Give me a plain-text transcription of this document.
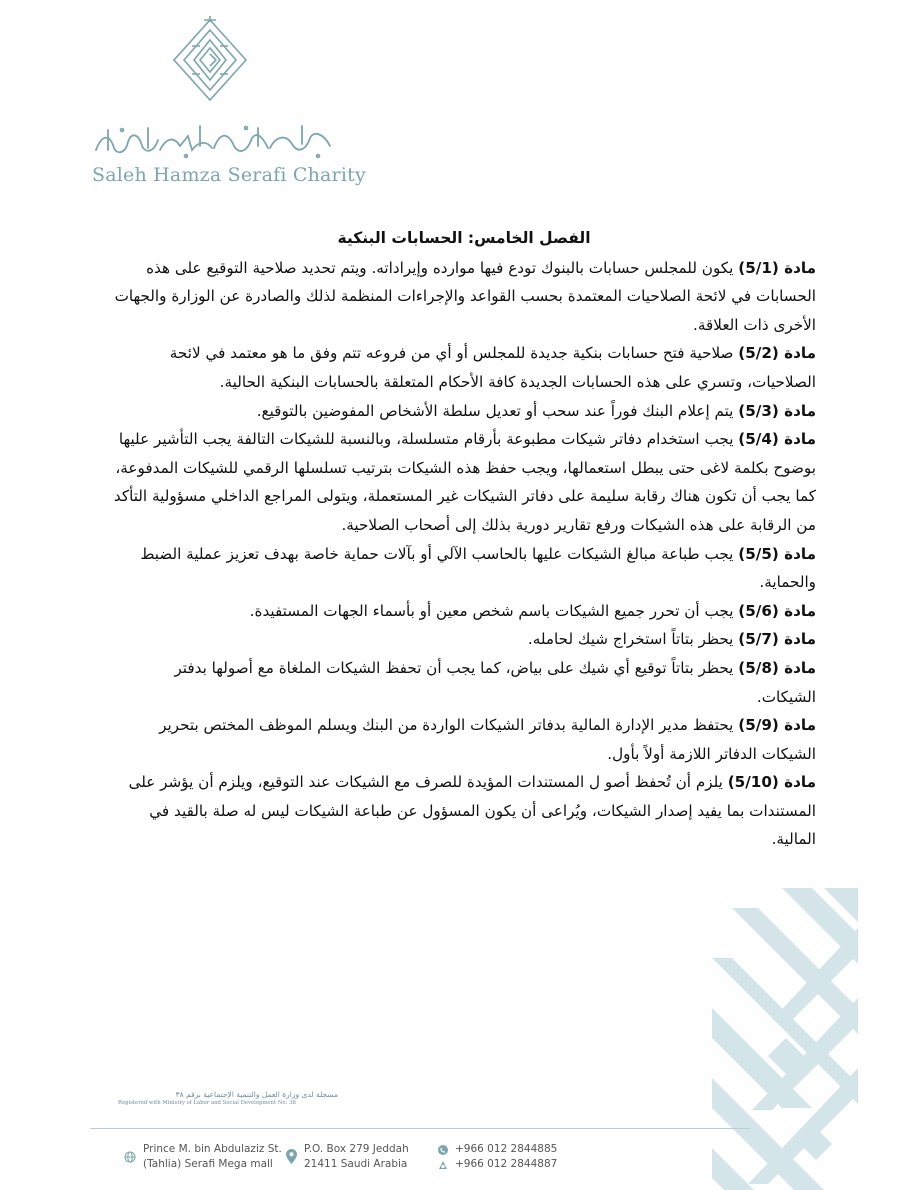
Saleh Hamza Serafi Charity
الفصل الخامس: الحسابات البنكية

مادة (5/1) يكون للمجلس حسابات بالبنوك تودع فيها موارده وإيراداته. ويتم تحديد صلاحية التوقيع على هذه الحسابات في لائحة الصلاحيات المعتمدة بحسب القواعد والإجراءات المنظمة لذلك والصادرة عن الوزارة والجهات الأخرى ذات العلاقة.

مادة (5/2) صلاحية فتح حسابات بنكية جديدة للمجلس أو أي من فروعه تتم وفق ما هو معتمد في لائحة الصلاحيات، وتسري على هذه الحسابات الجديدة كافة الأحكام المتعلقة بالحسابات البنكية الحالية.

مادة (5/3) يتم إعلام البنك فوراً عند سحب أو تعديل سلطة الأشخاص المفوضين بالتوقيع.

مادة (5/4) يجب استخدام دفاتر شيكات مطبوعة بأرقام متسلسلة، وبالنسبة للشيكات التالفة يجب التأشير عليها بوضوح بكلمة لاغى حتى يبطل استعمالها، ويجب حفظ هذه الشيكات بترتيب تسلسلها الرقمي للشيكات المدفوعة، كما يجب أن تكون هناك رقابة سليمة على دفاتر الشيكات غير المستعملة، ويتولى المراجع الداخلي مسؤولية التأكد من الرقابة على هذه الشيكات ورفع تقارير دورية بذلك إلى أصحاب الصلاحية.

مادة (5/5) يجب طباعة مبالغ الشيكات عليها بالحاسب الآلي أو بآلات حماية خاصة بهدف تعزيز عملية الضبط والحماية.

مادة (5/6) يجب أن تحرر جميع الشيكات باسم شخص معين أو بأسماء الجهات المستفيدة.

مادة (5/7) يحظر بتاتاً استخراج شيك لحامله.

مادة (5/8) يحظر بتاتاً توقيع أي شيك على بياض، كما يجب أن تحفظ الشيكات الملغاة مع أصولها بدفتر الشيكات.

مادة (5/9) يحتفظ مدير الإدارة المالية بدفاتر الشيكات الواردة من البنك ويسلم الموظف المختص بتحرير الشيكات الدفاتر اللازمة أولاً بأول.

مادة (5/10) يلزم أن تُحفظ أصو ل المستندات المؤيدة للصرف مع الشيكات عند التوقيع، ويلزم أن يؤشر على المستندات بما يفيد إصدار الشيكات، ويُراعى أن يكون المسؤول عن طباعة الشيكات ليس له صلة بالقيد في المالية.

مسجلة لدى وزارة العمل والتنمية الإجتماعية برقم ٣٨
Registered with Ministry of Labor and Social Development No: 38
Prince M. bin Abdulaziz St.
(Tahlia) Serafi Mega mall
P.O. Box 279 Jeddah
21411 Saudi Arabia
+966 012 2844885
+966 012 2844887
